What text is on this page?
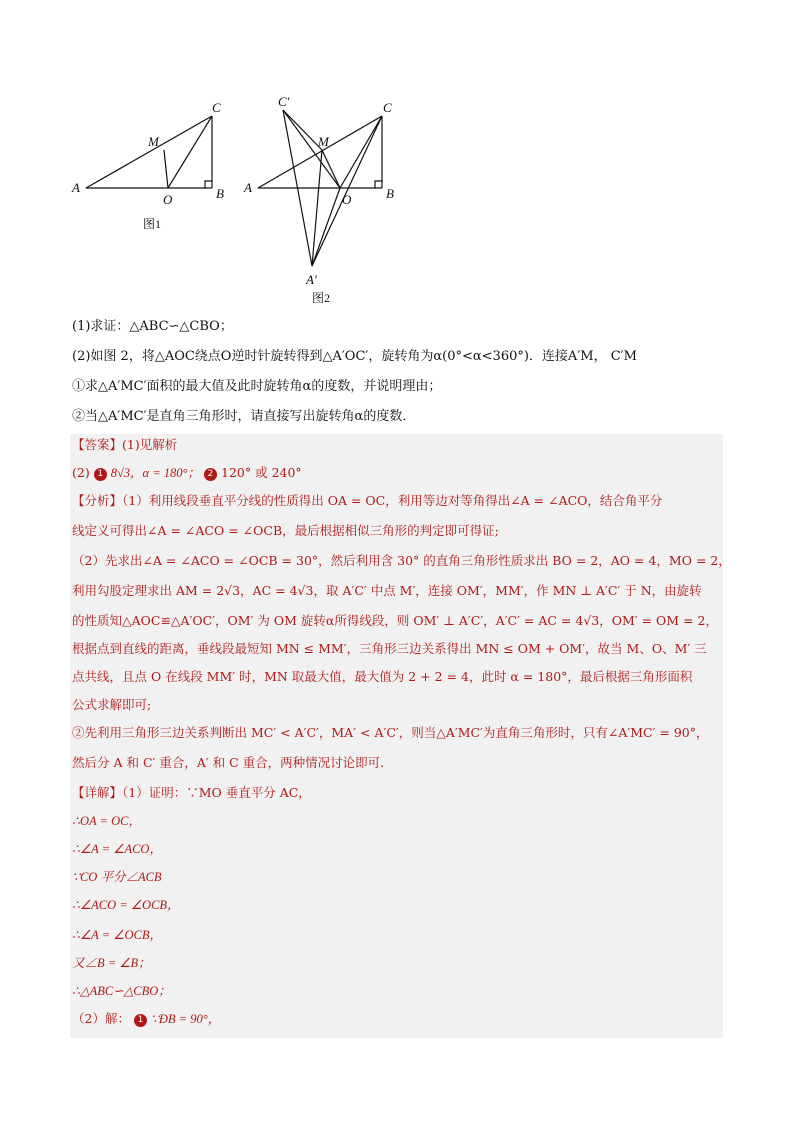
A	B
C
M
O
图1
A	B
C
M
O
C′
A′
图2
(1)求证：△ABC∽△CBO；
(2)如图 2，将△AOC绕点O逆时针旋转得到△A′OC′，旋转角为α(0°<α<360°)．连接A′M， C′M
①求△A′MC′面积的最大值及此时旋转角α的度数，并说明理由；
②当△A′MC′是直角三角形时，请直接写出旋转角α的度数．
【答案】(1)见解析
(2) 1 8√3，α = 180°； 2 120° 或 240°
【分析】（1）利用线段垂直平分线的性质得出 OA = OC，利用等边对等角得出∠A = ∠ACO，结合角平分
线定义可得出∠A = ∠ACO = ∠OCB，最后根据相似三角形的判定即可得证;
（2）先求出∠A = ∠ACO = ∠OCB = 30°，然后利用含 30° 的直角三角形性质求出 BO = 2，AO = 4，MO = 2，
利用勾股定理求出 AM = 2√3，AC = 4√3，取 A′C′ 中点 M′，连接 OM′，MM′，作 MN ⊥ A′C′ 于 N，由旋转
的性质知△AOC≌△A′OC′，OM′ 为 OM 旋转α所得线段，则 OM′ ⊥ A′C′，A′C′ = AC = 4√3，OM′ = OM = 2，
根据点到直线的距离，垂线段最短知 MN ≤ MM′，三角形三边关系得出 MN ≤ OM + OM′，故当 M、O、M′ 三
点共线，且点 O 在线段 MM′ 时，MN 取最大值，最大值为 2 + 2 = 4，此时 α = 180°，最后根据三角形面积
公式求解即可;
②先利用三角形三边关系判断出 MC′ < A′C′，MA′ < A′C′，则当△A′MC′为直角三角形时，只有∠A′MC′ = 90°，
然后分 A 和 C′ 重合，A′ 和 C 重合，两种情况讨论即可．
【详解】（1）证明：∵MO 垂直平分 AC，
∴OA = OC，
∴∠A = ∠ACO，
∵CO 平分∠ACB
∴∠ACO = ∠OCB，
∴∠A = ∠OCB，
又∠B = ∠B；
∴△ABC∽△CBO；
（2）解： 1 ∵ÐB = 90°，
